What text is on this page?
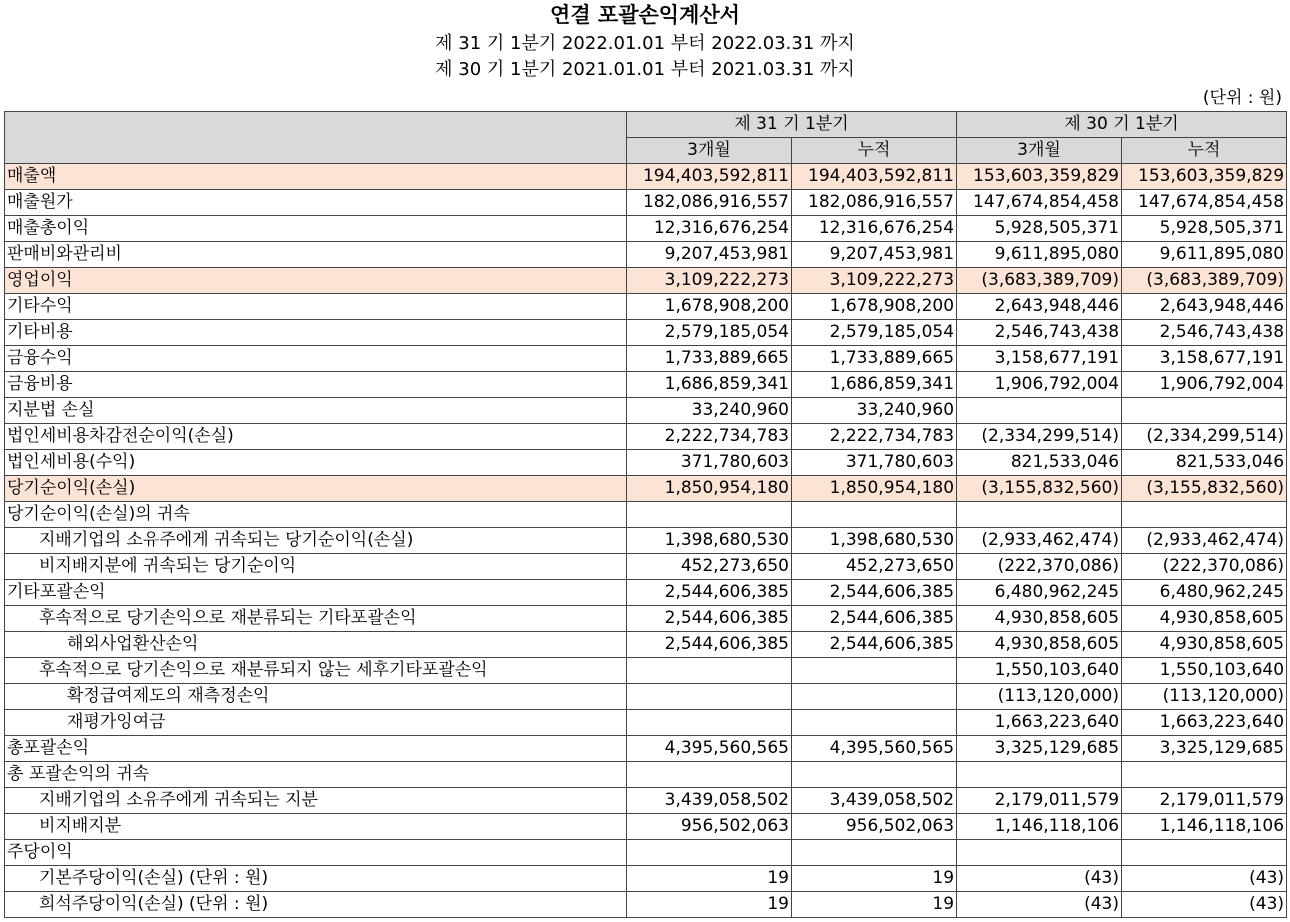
연결 포괄손익계산서
제 31 기 1분기 2022.01.01 부터 2022.03.31 까지
제 30 기 1분기 2021.01.01 부터 2021.03.31 까지
(단위 : 원)
	제 31 기 1분기		제 30 기 1분기	
	3개월	누적	3개월	누적
매출액	194,403,592,811	194,403,592,811	153,603,359,829	153,603,359,829
매출원가	182,086,916,557	182,086,916,557	147,674,854,458	147,674,854,458
매출총이익	12,316,676,254	12,316,676,254	5,928,505,371	5,928,505,371
판매비와관리비	9,207,453,981	9,207,453,981	9,611,895,080	9,611,895,080
영업이익	3,109,222,273	3,109,222,273	(3,683,389,709)	(3,683,389,709)
기타수익	1,678,908,200	1,678,908,200	2,643,948,446	2,643,948,446
기타비용	2,579,185,054	2,579,185,054	2,546,743,438	2,546,743,438
금융수익	1,733,889,665	1,733,889,665	3,158,677,191	3,158,677,191
금융비용	1,686,859,341	1,686,859,341	1,906,792,004	1,906,792,004
지분법 손실	33,240,960	33,240,960		
법인세비용차감전순이익(손실)	2,222,734,783	2,222,734,783	(2,334,299,514)	(2,334,299,514)
법인세비용(수익)	371,780,603	371,780,603	821,533,046	821,533,046
당기순이익(손실)	1,850,954,180	1,850,954,180	(3,155,832,560)	(3,155,832,560)
당기순이익(손실)의 귀속				
지배기업의 소유주에게 귀속되는 당기순이익(손실)	1,398,680,530	1,398,680,530	(2,933,462,474)	(2,933,462,474)
비지배지분에 귀속되는 당기순이익	452,273,650	452,273,650	(222,370,086)	(222,370,086)
기타포괄손익	2,544,606,385	2,544,606,385	6,480,962,245	6,480,962,245
후속적으로 당기손익으로 재분류되는 기타포괄손익	2,544,606,385	2,544,606,385	4,930,858,605	4,930,858,605
해외사업환산손익	2,544,606,385	2,544,606,385	4,930,858,605	4,930,858,605
후속적으로 당기손익으로 재분류되지 않는 세후기타포괄손익			1,550,103,640	1,550,103,640
확정급여제도의 재측정손익			(113,120,000)	(113,120,000)
재평가잉여금			1,663,223,640	1,663,223,640
총포괄손익	4,395,560,565	4,395,560,565	3,325,129,685	3,325,129,685
총 포괄손익의 귀속				
지배기업의 소유주에게 귀속되는 지분	3,439,058,502	3,439,058,502	2,179,011,579	2,179,011,579
비지배지분	956,502,063	956,502,063	1,146,118,106	1,146,118,106
주당이익				
기본주당이익(손실) (단위 : 원)	19	19	(43)	(43)
희석주당이익(손실) (단위 : 원)	19	19	(43)	(43)
